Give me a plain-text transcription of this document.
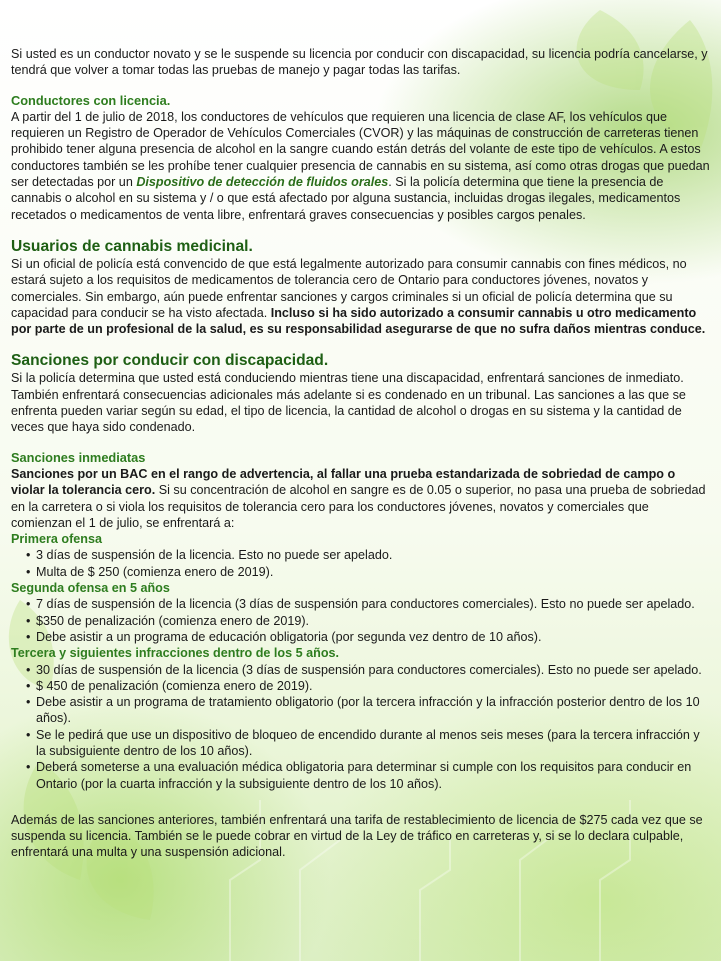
Si usted es un conductor novato y se le suspende su licencia por conducir con discapacidad, su licencia podría cancelarse, y tendrá que volver a tomar todas las pruebas de manejo y pagar todas las tarifas.

Conductores con licencia.

A partir del 1 de julio de 2018, los conductores de vehículos que requieren una licencia de clase AF, los vehículos que requieren un Registro de Operador de Vehículos Comerciales (CVOR) y las máquinas de construcción de carreteras tienen prohibido tener alguna presencia de alcohol en la sangre cuando están detrás del volante de este tipo de vehículos. A estos conductores también se les prohíbe tener cualquier presencia de cannabis en su sistema, así como otras drogas que puedan ser detectadas por un Dispositivo de detección de fluidos orales. Si la policía determina que tiene la presencia de cannabis o alcohol en su sistema y / o que está afectado por alguna sustancia, incluidas drogas ilegales, medicamentos recetados o medicamentos de venta libre, enfrentará graves consecuencias y posibles cargos penales.

Usuarios de cannabis medicinal.

Si un oficial de policía está convencido de que está legalmente autorizado para consumir cannabis con fines médicos, no estará sujeto a los requisitos de medicamentos de tolerancia cero de Ontario para conductores jóvenes, novatos y comerciales. Sin embargo, aún puede enfrentar sanciones y cargos criminales si un oficial de policía determina que su capacidad para conducir se ha visto afectada. Incluso si ha sido autorizado a consumir cannabis u otro medicamento por parte de un profesional de la salud, es su responsabilidad asegurarse de que no sufra daños mientras conduce.

Sanciones por conducir con discapacidad.

Si la policía determina que usted está conduciendo mientras tiene una discapacidad, enfrentará sanciones de inmediato. También enfrentará consecuencias adicionales más adelante si es condenado en un tribunal. Las sanciones a las que se enfrenta pueden variar según su edad, el tipo de licencia, la cantidad de alcohol o drogas en su sistema y la cantidad de veces que haya sido condenado.

Sanciones inmediatas

Sanciones por un BAC en el rango de advertencia, al fallar una prueba estandarizada de sobriedad de campo o violar la tolerancia cero. Si su concentración de alcohol en sangre es de 0.05 o superior, no pasa una prueba de sobriedad en la carretera o si viola los requisitos de tolerancia cero para los conductores jóvenes, novatos y comerciales que comienzan el 1 de julio, se enfrentará a:

Primera ofensa

• 3 días de suspensión de la licencia. Esto no puede ser apelado.
• Multa de $ 250 (comienza enero de 2019).

Segunda ofensa en 5 años

• 7 días de suspensión de la licencia (3 días de suspensión para conductores comerciales). Esto no puede ser apelado.
• $350 de penalización (comienza enero de 2019).
• Debe asistir a un programa de educación obligatoria (por segunda vez dentro de 10 años).

Tercera y siguientes infracciones dentro de los 5 años.

• 30 días de suspensión de la licencia (3 días de suspensión para conductores comerciales). Esto no puede ser apelado.
• $ 450 de penalización (comienza enero de 2019).
• Debe asistir a un programa de tratamiento obligatorio (por la tercera infracción y la infracción posterior dentro de los 10 años).
• Se le pedirá que use un dispositivo de bloqueo de encendido durante al menos seis meses (para la tercera infracción y la subsiguiente dentro de los 10 años).
• Deberá someterse a una evaluación médica obligatoria para determinar si cumple con los requisitos para conducir en Ontario (por la cuarta infracción y la subsiguiente dentro de los 10 años).

Además de las sanciones anteriores, también enfrentará una tarifa de restablecimiento de licencia de $275 cada vez que se suspenda su licencia. También se le puede cobrar en virtud de la Ley de tráfico en carreteras y, si se lo declara culpable, enfrentará una multa y una suspensión adicional.
